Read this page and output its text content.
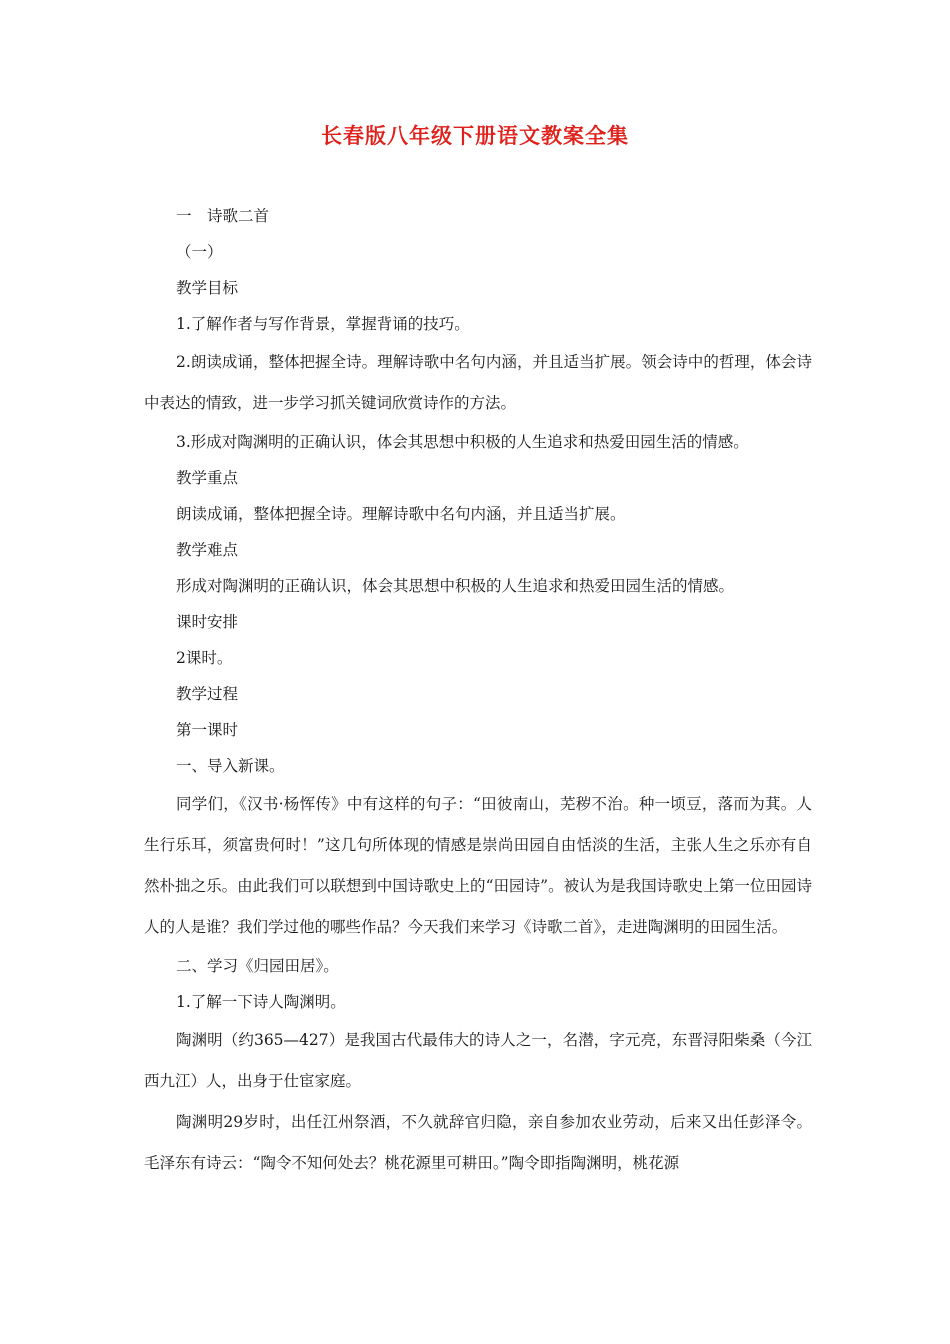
长春版八年级下册语文教案全集

一　诗歌二首

（一）

教学目标

1.了解作者与写作背景，掌握背诵的技巧。

2.朗读成诵，整体把握全诗。理解诗歌中名句内涵，并且适当扩展。领会诗中的哲理，体会诗中表达的情致，进一步学习抓关键词欣赏诗作的方法。

3.形成对陶渊明的正确认识，体会其思想中积极的人生追求和热爱田园生活的情感。

教学重点

朗读成诵，整体把握全诗。理解诗歌中名句内涵，并且适当扩展。

教学难点

形成对陶渊明的正确认识，体会其思想中积极的人生追求和热爱田园生活的情感。

课时安排

2课时。

教学过程

第一课时

一、导入新课。

同学们，《汉书·杨恽传》中有这样的句子：“田彼南山，芜秽不治。种一顷豆，落而为萁。人生行乐耳，须富贵何时！”这几句所体现的情感是崇尚田园自由恬淡的生活，主张人生之乐亦有自然朴拙之乐。由此我们可以联想到中国诗歌史上的“田园诗”。被认为是我国诗歌史上第一位田园诗人的人是谁？我们学过他的哪些作品？今天我们来学习《诗歌二首》，走进陶渊明的田园生活。

二、学习《归园田居》。

1.了解一下诗人陶渊明。

陶渊明（约365—427）是我国古代最伟大的诗人之一，名潜，字元亮，东晋浔阳柴桑（今江西九江）人，出身于仕宦家庭。

陶渊明29岁时，出任江州祭酒，不久就辞官归隐，亲自参加农业劳动，后来又出任彭泽令。毛泽东有诗云：“陶令不知何处去？桃花源里可耕田。”陶令即指陶渊明，桃花源
